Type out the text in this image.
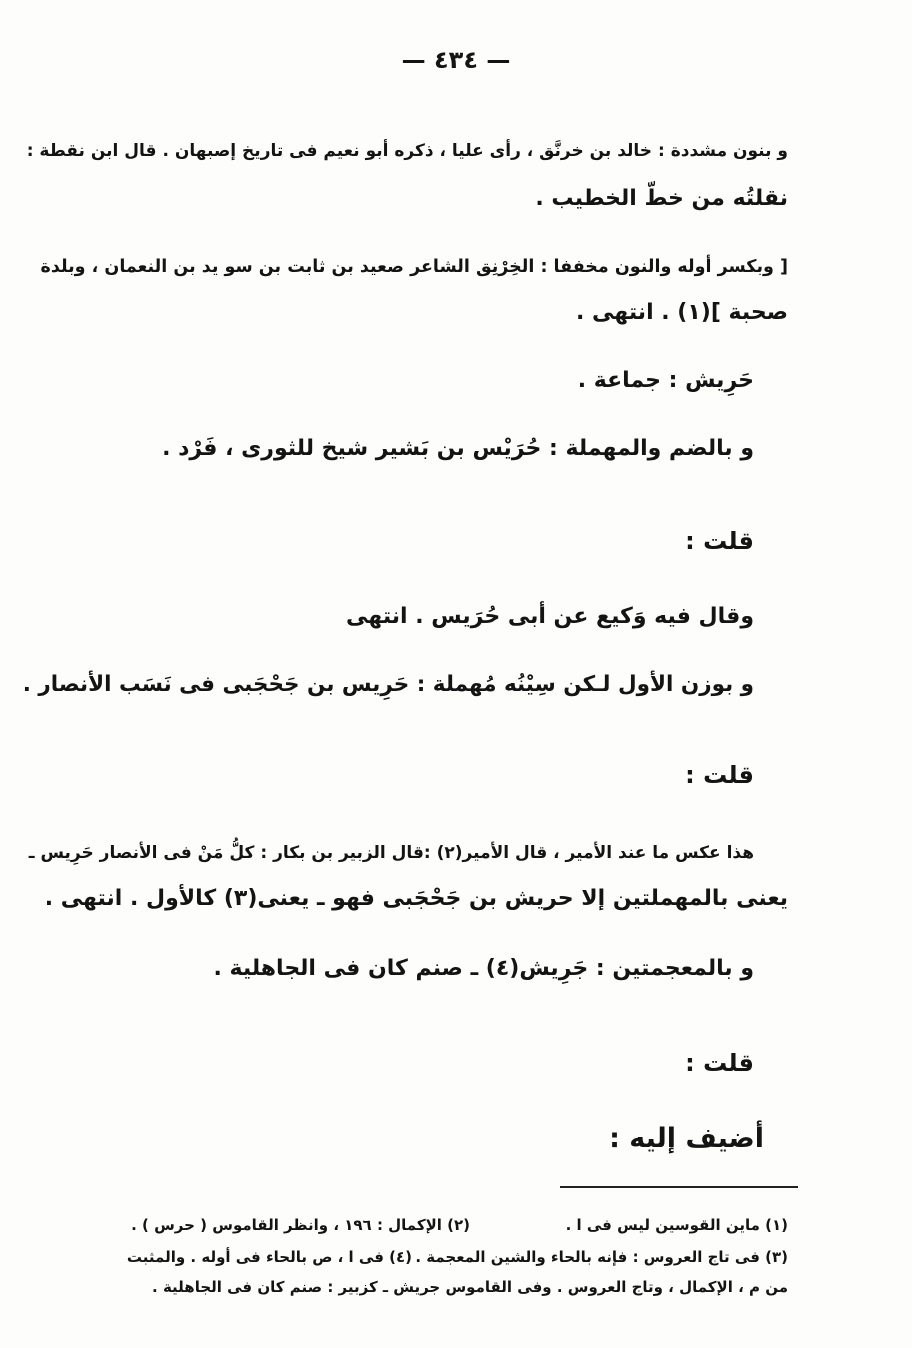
— ٤٣٤ —
و بنون مشددة : خالد بن خرنَّق ، رأى عليا ، ذكره أبو نعيم فى تاريخ إصبهان . قال ابن نقطة :
نقلتُه من خطّ الخطيب .
[ وبكسر أوله والنون مخففا : الخِرْنِق الشاعر صعيد بن ثابت بن سو يد بن النعمان ، وبلدة
صحبة ](١) . انتهى .
حَرِيش : جماعة .
و بالضم والمهملة : حُرَيْس بن بَشير شيخ للثورى ، فَرْد .
قلت :
وقال فيه وَكيع عن أبى حُرَيس . انتهى
و بوزن الأول لـكن سِيْنُه مُهملة : حَرِيس بن جَحْجَبى فى نَسَب الأنصار .
قلت :
هذا عكس ما عند الأمير ، قال الأمير(٢) :قال الزبير بن بكار : كلُّ مَنْ فى الأنصار حَرِيس ـ
يعنى بالمهملتين إلا حريش بن جَحْجَبى فهو ـ يعنى(٣) كالأول . انتهى .
و بالمعجمتين : جَرِيش(٤) ـ صنم كان فى الجاهلية .
قلت :
أضيف إليه :
(١) ماين القوسين ليس فى ا .
(٢) الإكمال : ١٩٦ ، وانظر القاموس ( حرس ) .
(٣) فى تاج العروس : فإنه بالحاء والشين المعجمة .
(٤) فى ا ، ص بالحاء فى أوله . والمثبت
من م ، الإكمال ، وتاج العروس . وفى القاموس جريش ـ كزبير : صنم كان فى الجاهلية .
